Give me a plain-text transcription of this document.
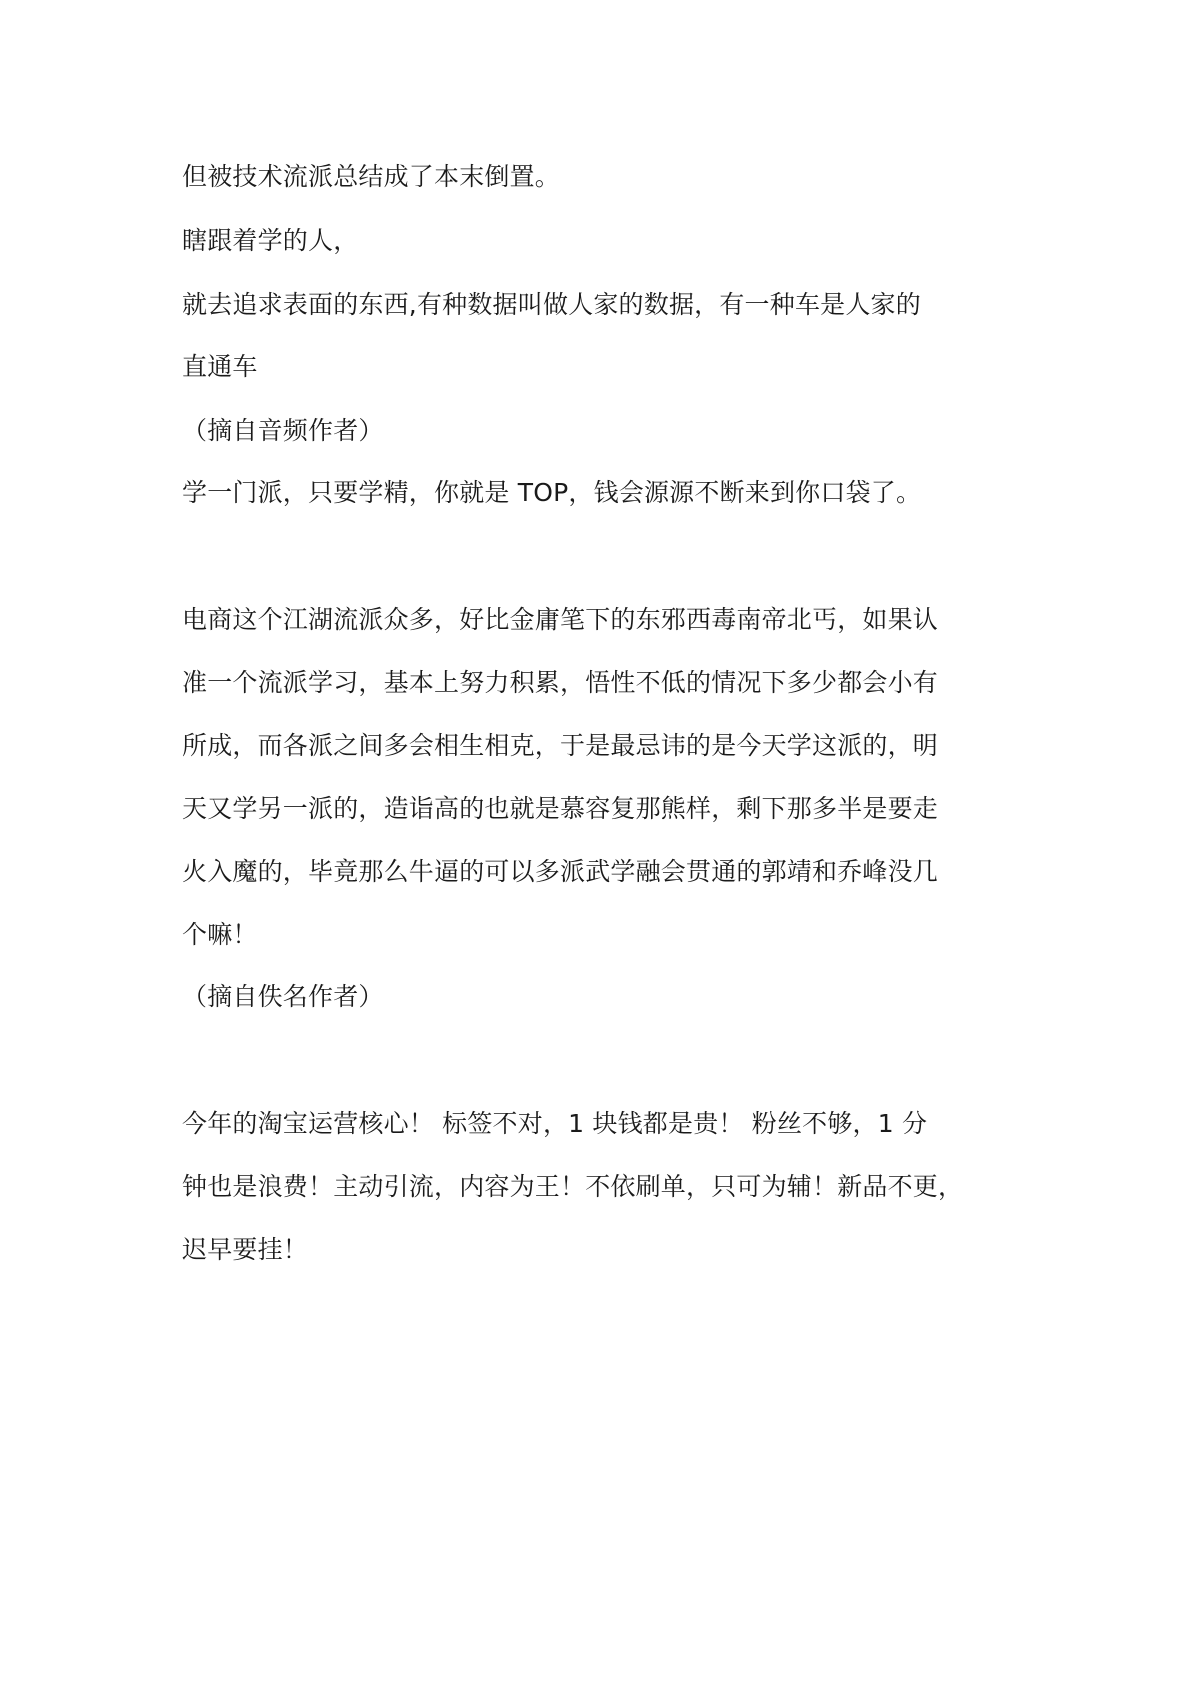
但被技术流派总结成了本末倒置。
瞎跟着学的人，
就去追求表面的东西,有种数据叫做人家的数据，有一种车是人家的
直通车
（摘自音频作者）
学一门派，只要学精，你就是 TOP，钱会源源不断来到你口袋了。
电商这个江湖流派众多，好比金庸笔下的东邪西毒南帝北丐，如果认
准一个流派学习，基本上努力积累，悟性不低的情况下多少都会小有
所成，而各派之间多会相生相克，于是最忌讳的是今天学这派的，明
天又学另一派的，造诣高的也就是慕容复那熊样，剩下那多半是要走
火入魔的，毕竟那么牛逼的可以多派武学融会贯通的郭靖和乔峰没几
个嘛！
（摘自佚名作者）
今年的淘宝运营核心！ 标签不对，1 块钱都是贵！ 粉丝不够，1 分
钟也是浪费！主动引流，内容为王！不依刷单，只可为辅！新品不更，
迟早要挂！
